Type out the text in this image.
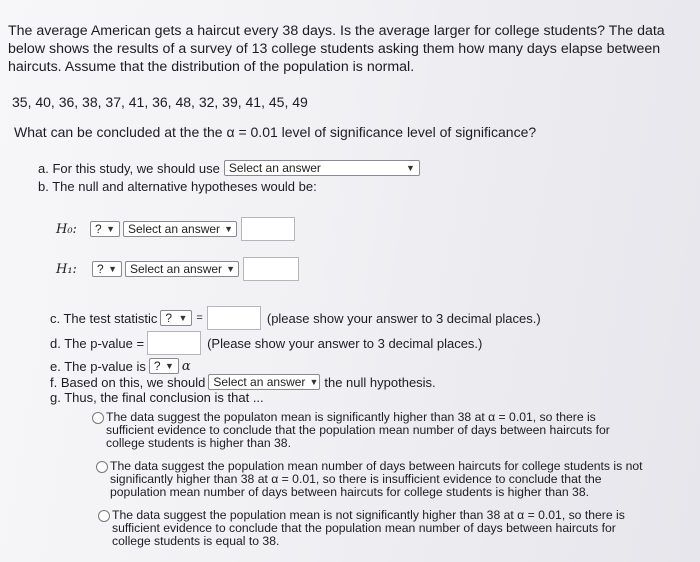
The average American gets a haircut every 38 days. Is the average larger for college students? The data below shows the results of a survey of 13 college students asking them how many days elapse between haircuts. Assume that the distribution of the population is normal.
35, 40, 36, 38, 37, 41, 36, 48, 32, 39, 41, 45, 49
What can be concluded at the the α = 0.01 level of significance level of significance?
a. For this study, we should use Select an answer	▼
b. The null and alternative hypotheses would be:
H₀:	? ▼ Select an answer ▼
H₁:	? ▼ Select an answer ▼
c. The test statistic ? ▼ =	(please show your answer to 3 decimal places.)
d. The p-value =	(Please show your answer to 3 decimal places.)
e. The p-value is ? ▼ α
f. Based on this, we should Select an answer ▼ the null hypothesis.
g. Thus, the final conclusion is that ...
The data suggest the populaton mean is significantly higher than 38 at α = 0.01, so there is sufficient evidence to conclude that the population mean number of days between haircuts for college students is higher than 38.
The data suggest the population mean number of days between haircuts for college students is not significantly higher than 38 at α = 0.01, so there is insufficient evidence to conclude that the population mean number of days between haircuts for college students is higher than 38.
The data suggest the population mean is not significantly higher than 38 at α = 0.01, so there is sufficient evidence to conclude that the population mean number of days between haircuts for college students is equal to 38.
